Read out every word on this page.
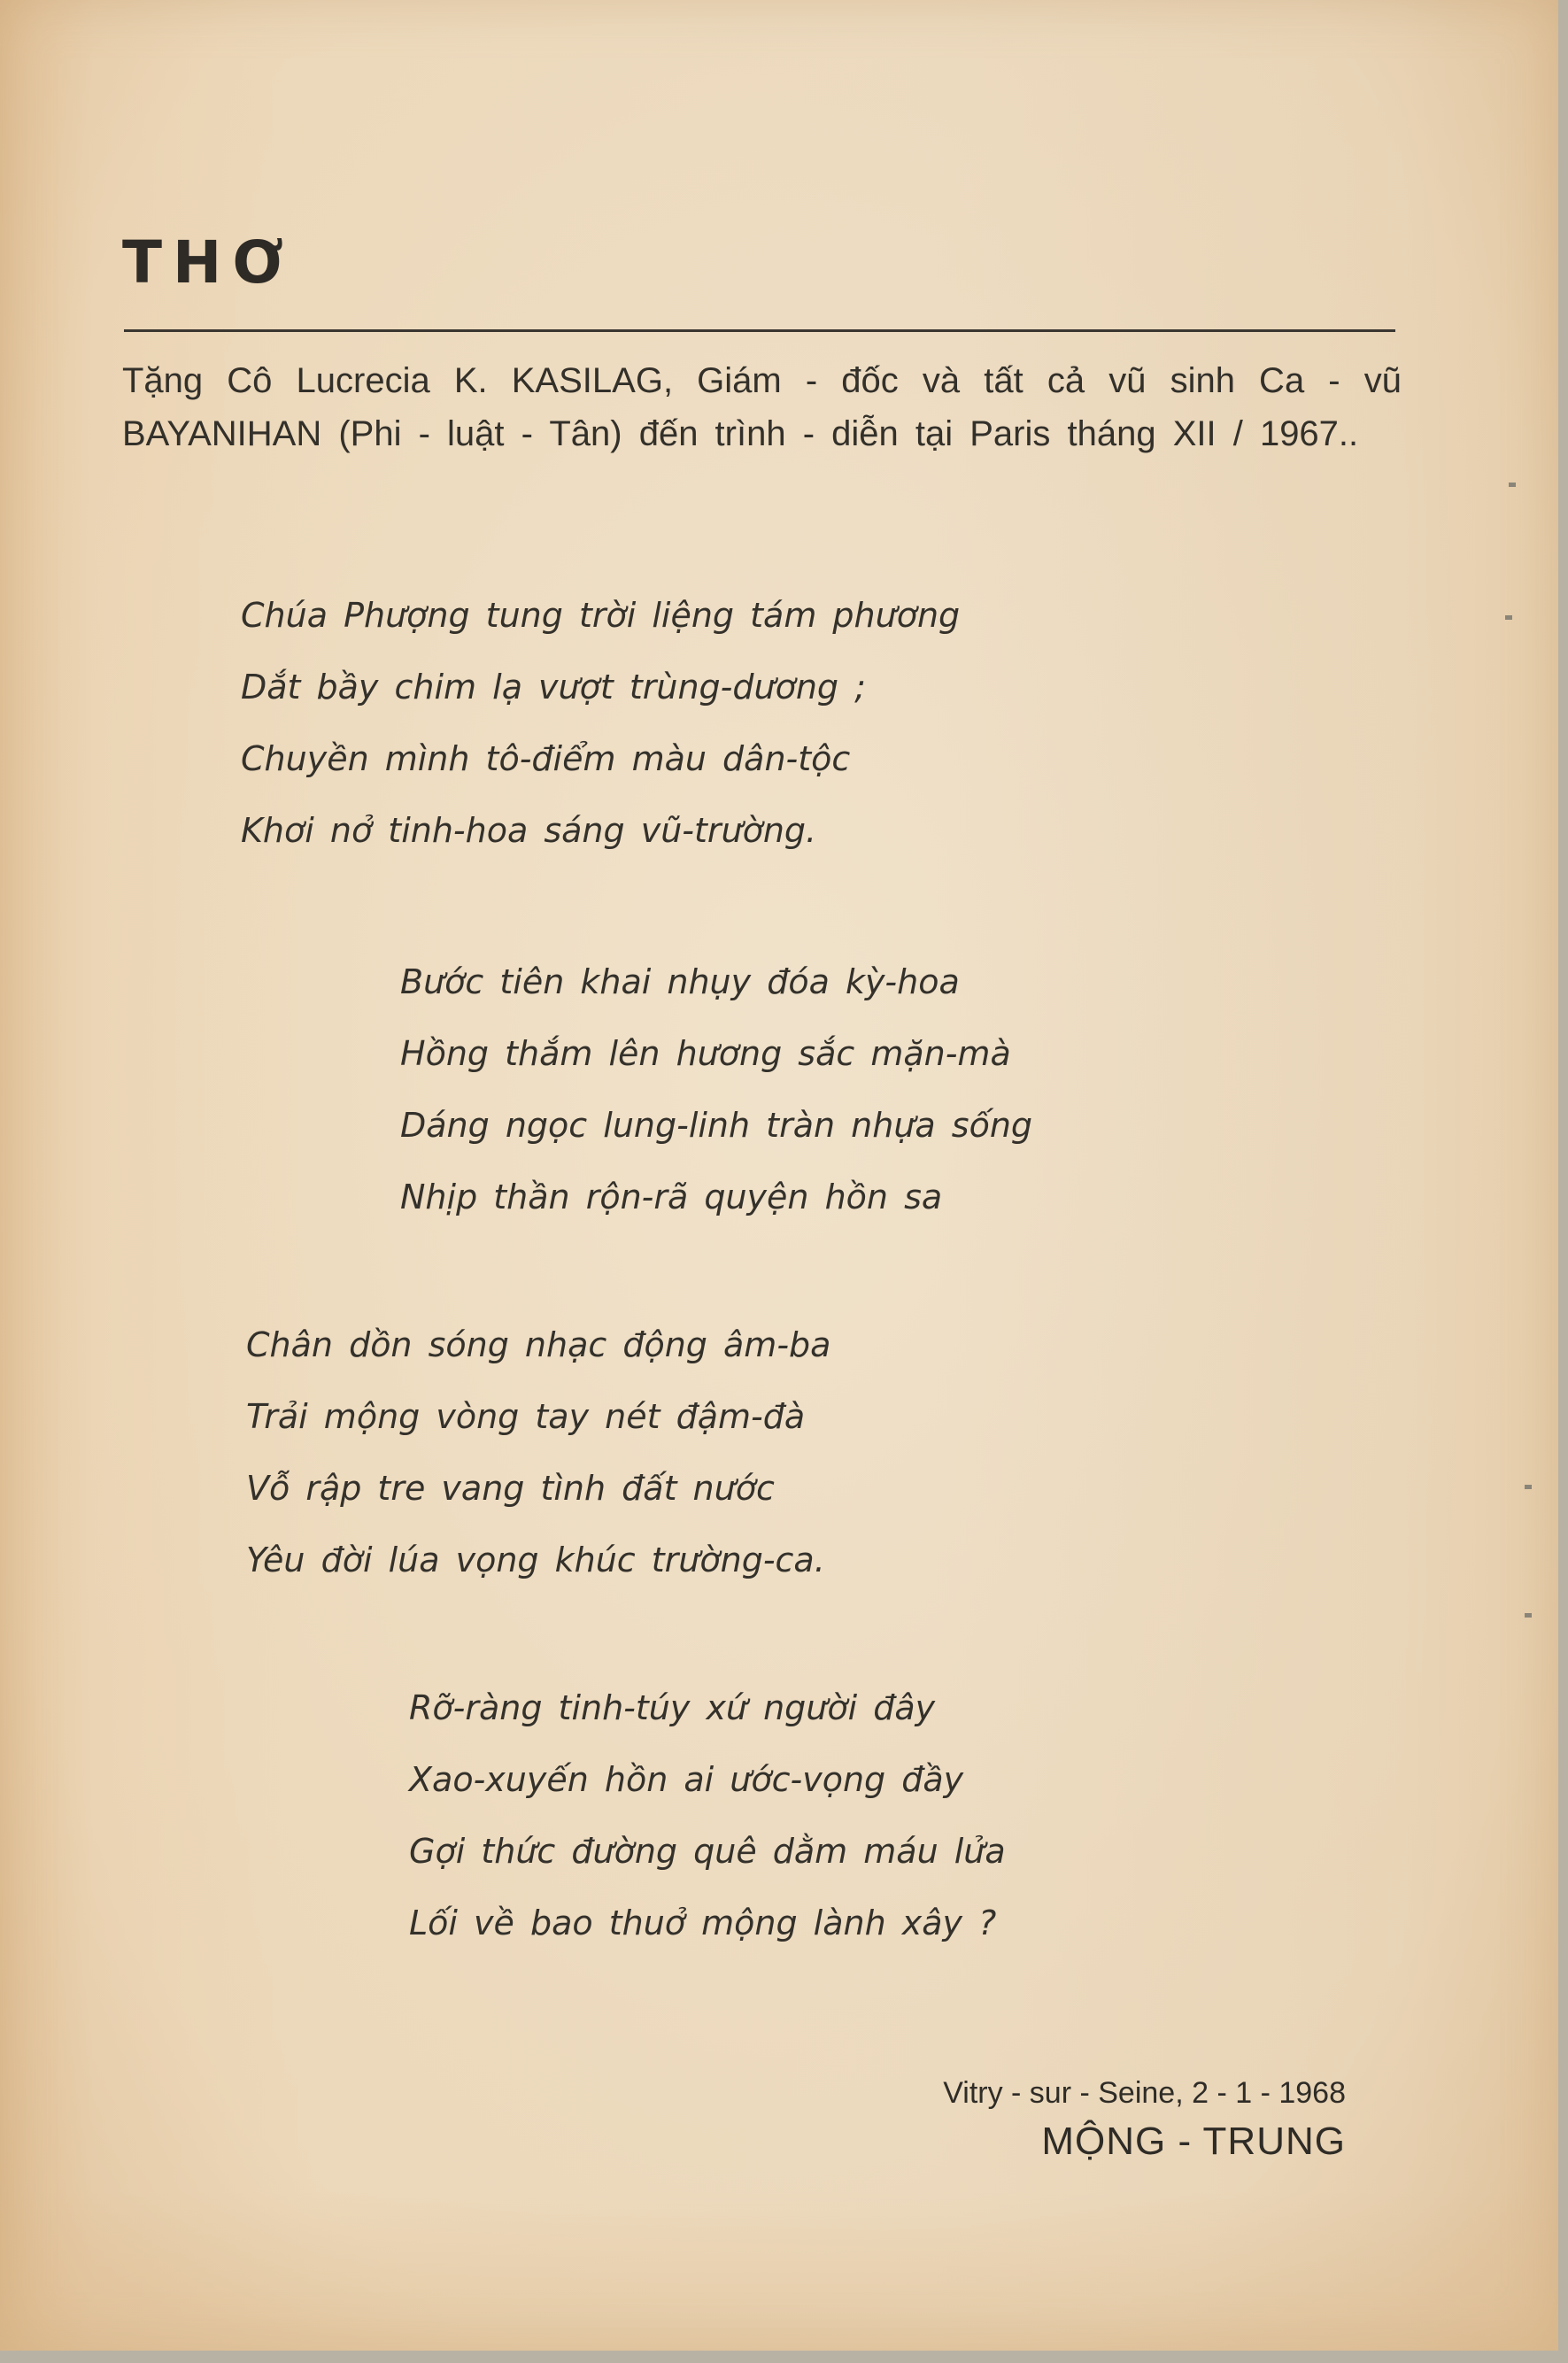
THƠ
Tặng Cô Lucrecia K. KASILAG, Giám - đốc và tất cả vũ sinh Ca - vũ
BAYANIHAN (Phi - luật - Tân) đến trình - diễn tại Paris tháng XII / 1967..
Chúa Phượng tung trời liệng tám phương
Dắt bầy chim lạ vượt trùng-dương ;
Chuyền mình tô-điểm màu dân-tộc
Khơi nở tinh-hoa sáng vũ-trường.
Bước tiên khai nhụy đóa kỳ-hoa
Hồng thắm lên hương sắc mặn-mà
Dáng ngọc lung-linh tràn nhựa sống
Nhịp thần rộn-rã quyện hồn sa
Chân dồn sóng nhạc động âm-ba
Trải mộng vòng tay nét đậm-đà
Vỗ rập tre vang tình đất nước
Yêu đời lúa vọng khúc trường-ca.
Rỡ-ràng tinh-túy xứ người đây
Xao-xuyến hồn ai ước-vọng đầy
Gợi thức đường quê dằm máu lửa
Lối về bao thuở mộng lành xây ?
Vitry - sur - Seine, 2 - 1 - 1968
MỘNG - TRUNG
